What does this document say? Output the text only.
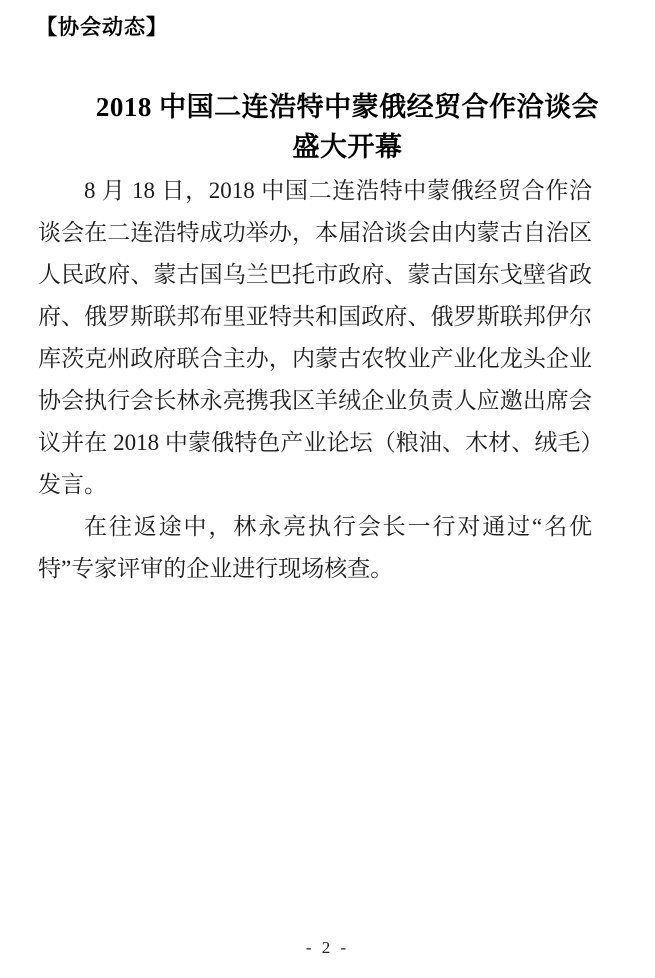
【协会动态】
2018 中国二连浩特中蒙俄经贸合作洽谈会
盛大开幕

8 月 18 日，2018 中国二连浩特中蒙俄经贸合作洽谈会在二连浩特成功举办，本届洽谈会由内蒙古自治区人民政府、蒙古国乌兰巴托市政府、蒙古国东戈壁省政府、俄罗斯联邦布里亚特共和国政府、俄罗斯联邦伊尔库茨克州政府联合主办，内蒙古农牧业产业化龙头企业协会执行会长林永亮携我区羊绒企业负责人应邀出席会议并在 2018 中蒙俄特色产业论坛（粮油、木材、绒毛）发言。

在往返途中，林永亮执行会长一行对通过“名优特”专家评审的企业进行现场核查。

- 2 -
